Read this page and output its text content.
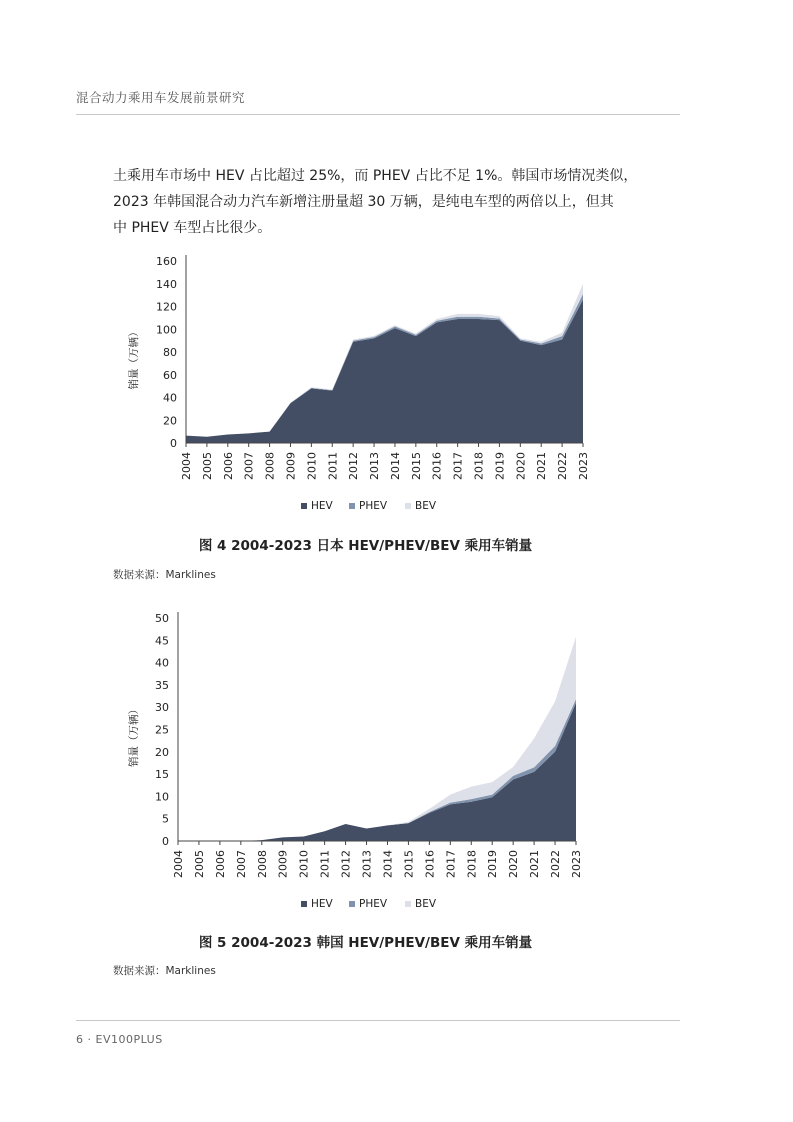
混合动力乘用车发展前景研究
土乘用车市场中 HEV 占比超过 25%，而 PHEV 占比不足 1%。韩国市场情况类似，
2023 年韩国混合动力汽车新增注册量超 30 万辆，是纯电车型的两倍以上，但其
中 PHEV 车型占比很少。
0
20
40
60
80
100
120
140
160
2004 2005 2006 2007 2008 2009 2010 2011 2012 2013 2014 2015 2016 2017 2018 2019 2020 2021 2022 2023
销量（万辆）
HEV	PHEV	BEV
图 4 2004-2023 日本 HEV/PHEV/BEV 乘用车销量
数据来源：Marklines
0
5
10
15
20
25
30
35
40
45
50
2004 2005 2006 2007 2008 2009 2010 2011 2012 2013 2014 2015 2016 2017 2018 2019 2020 2021 2022 2023
销量（万辆）
HEV	PHEV	BEV
图 5 2004-2023 韩国 HEV/PHEV/BEV 乘用车销量
数据来源：Marklines
6 · EV100PLUS
